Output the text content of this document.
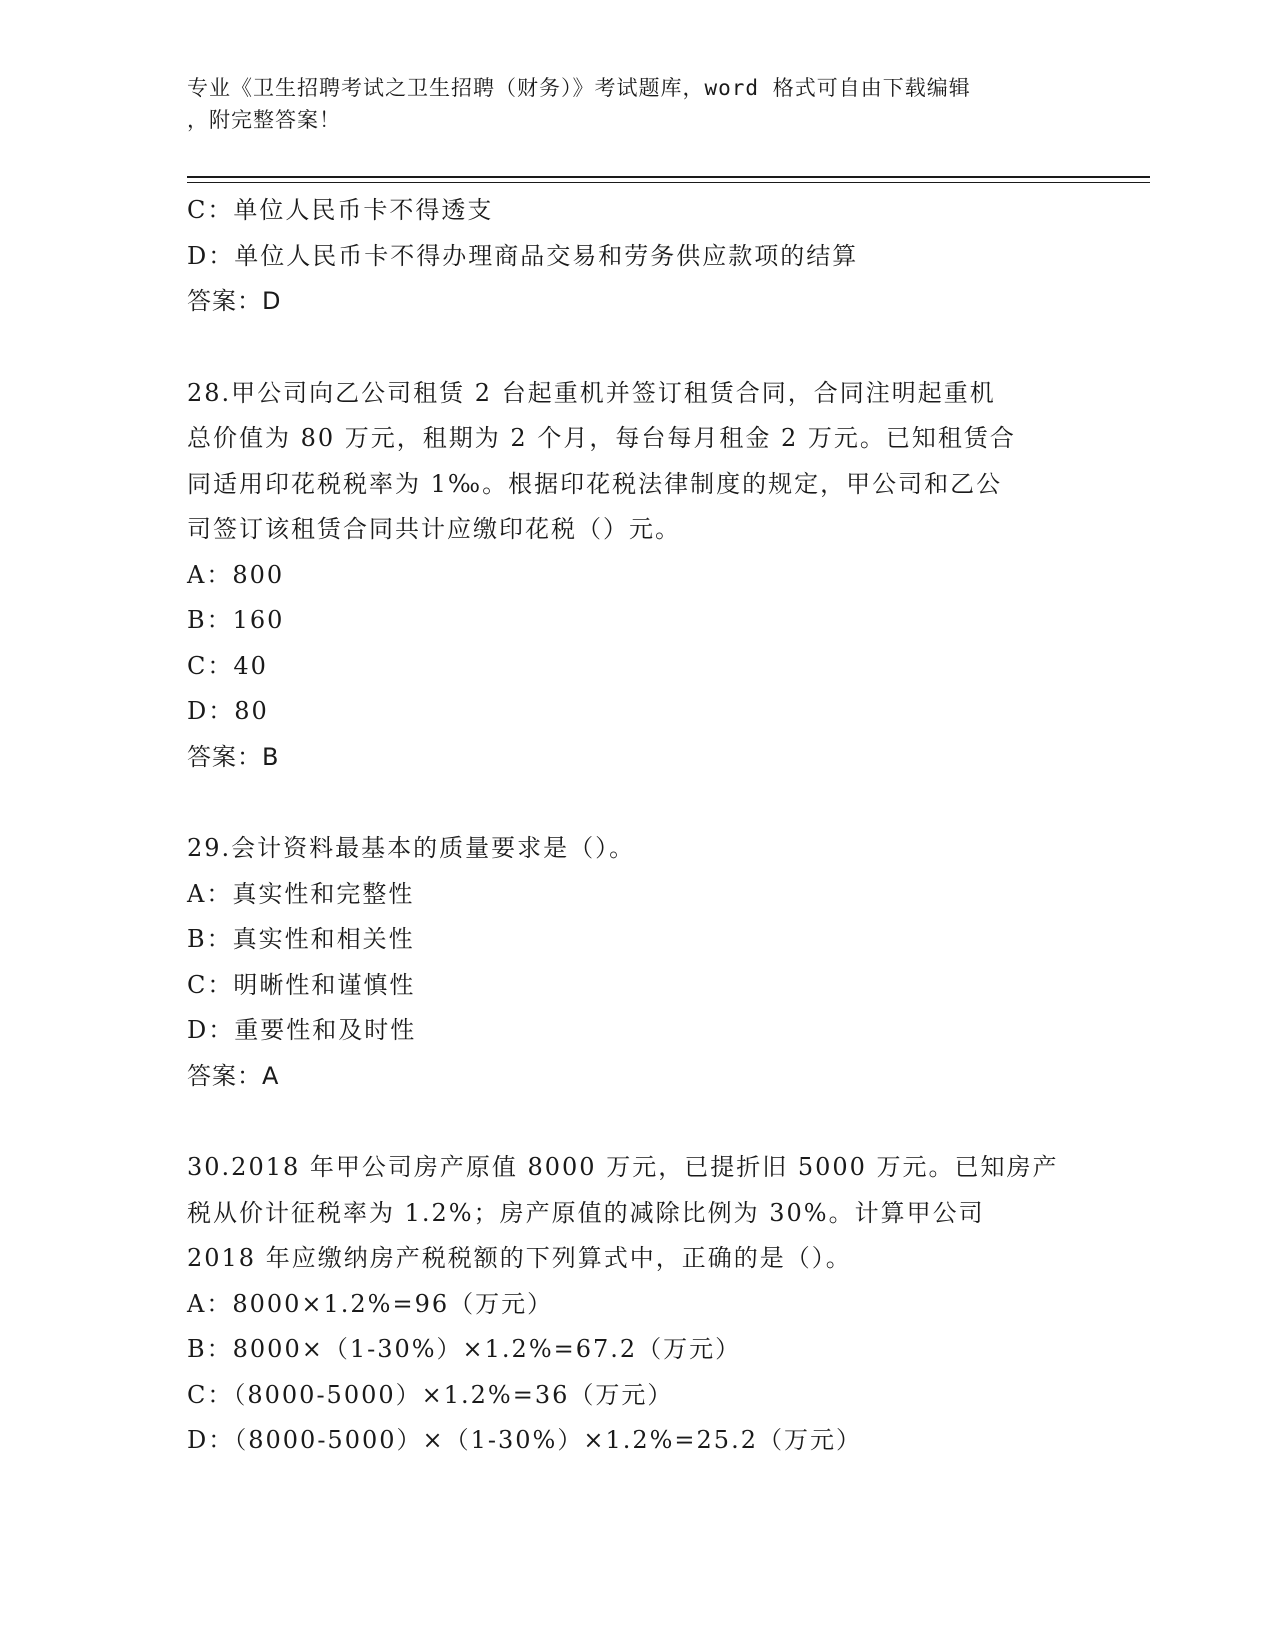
专业《卫生招聘考试之卫生招聘（财务）》考试题库，word 格式可自由下载编辑

，附完整答案！

C：单位人民币卡不得透支
D：单位人民币卡不得办理商品交易和劳务供应款项的结算
答案：D
28.甲公司向乙公司租赁 2 台起重机并签订租赁合同，合同注明起重机
总价值为 80 万元，租期为 2 个月，每台每月租金 2 万元。已知租赁合
同适用印花税税率为 1‰。根据印花税法律制度的规定，甲公司和乙公
司签订该租赁合同共计应缴印花税（）元。
A：800
B：160
C：40
D：80
答案：B
29.会计资料最基本的质量要求是（）。
A：真实性和完整性
B：真实性和相关性
C：明晰性和谨慎性
D：重要性和及时性
答案：A
30.2018 年甲公司房产原值 8000 万元，已提折旧 5000 万元。已知房产
税从价计征税率为 1.2%；房产原值的减除比例为 30%。计算甲公司
2018 年应缴纳房产税税额的下列算式中，正确的是（）。
A：8000×1.2%=96（万元）
B：8000×（1-30%）×1.2%=67.2（万元）
C：（8000-5000）×1.2%=36（万元）
D：（8000-5000）×（1-30%）×1.2%=25.2（万元）
